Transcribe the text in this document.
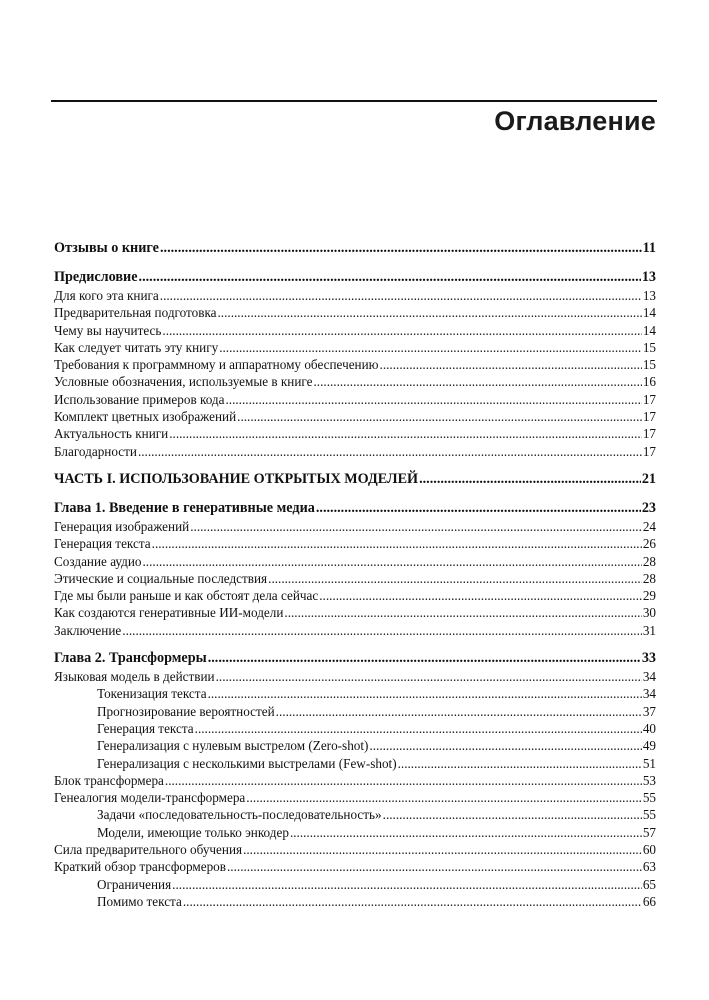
Оглавление
Отзывы о книге .....	11
Предисловие .....	13
Для кого эта книга .....	13
Предварительная подготовка .....	14
Чему вы научитесь .....	14
Как следует читать эту книгу .....	15
Требования к программному и аппаратному обеспечению .....	15
Условные обозначения, используемые в книге .....	16
Использование примеров кода .....	17
Комплект цветных изображений .....	17
Актуальность книги .....	17
Благодарности .....	17
ЧАСТЬ I. ИСПОЛЬЗОВАНИЕ ОТКРЫТЫХ МОДЕЛЕЙ .....	21
Глава 1. Введение в генеративные медиа .....	23
Генерация изображений .....	24
Генерация текста .....	26
Создание аудио .....	28
Этические и социальные последствия .....	28
Где мы были раньше и как обстоят дела сейчас .....	29
Как создаются генеративные ИИ-модели .....	30
Заключение .....	31
Глава 2. Трансформеры .....	33
Языковая модель в действии .....	34
Токенизация текста .....	34
Прогнозирование вероятностей .....	37
Генерация текста .....	40
Генерализация с нулевым выстрелом (Zero-shot) .....	49
Генерализация с несколькими выстрелами (Few-shot) .....	51
Блок трансформера .....	53
Генеалогия модели-трансформера .....	55
Задачи «последовательность-последовательность» .....	55
Модели, имеющие только энкодер .....	57
Сила предварительного обучения .....	60
Краткий обзор трансформеров .....	63
Ограничения .....	65
Помимо текста .....	66
